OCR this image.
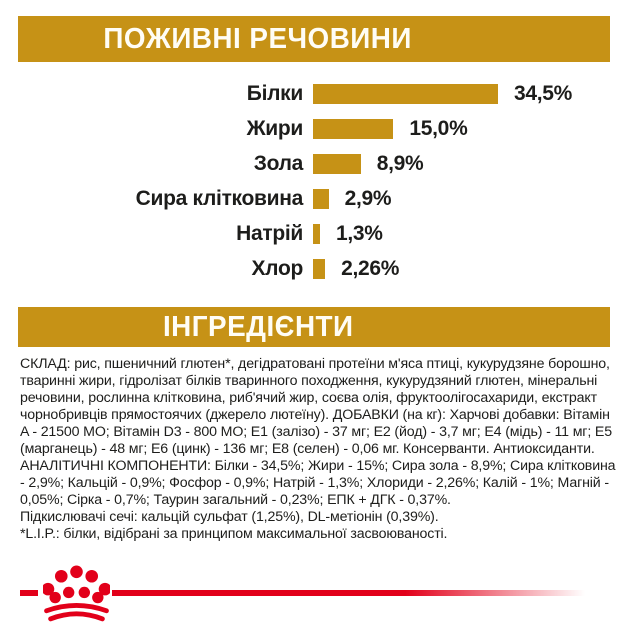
ПОЖИВНІ РЕЧОВИНИ
Білки	34,5%
Жири	15,0%
Зола	8,9%
Сира клітковина 2,9%
Натрій 1,3%
Хлор 2,26%
ІНГРЕДІЄНТИ

СКЛАД: рис, пшеничний глютен*, дегідратовані протеїни м'яса птиці, кукурудзяне борошно, тваринні жири, гідролізат білків тваринного походження, кукурудзяний глютен, мінеральні речовини, рослинна клітковина, риб'ячий жир, соєва олія, фруктоолігосахариди, екстракт чорнобривців прямостоячих (джерело лютеїну). ДОБАВКИ (на кг): Харчові добавки: Вітамін A - 21500 МО; Вітамін D3 - 800 МО; E1 (залізо) - 37 мг; E2 (йод) - 3,7 мг; E4 (мідь) - 11 мг; E5 (марганець) - 48 мг; E6 (цинк) - 136 мг; E8 (селен) - 0,06 мг. Консерванти. Антиоксиданти.

АНАЛІТИЧНІ КОМПОНЕНТИ: Білки - 34,5%; Жири - 15%; Сира зола - 8,9%; Сира клітковина - 2,9%; Кальцій - 0,9%; Фосфор - 0,9%; Натрій - 1,3%; Хлориди - 2,26%; Калій - 1%; Магній - 0,05%; Сірка - 0,7%; Таурин загальний - 0,23%; ЕПК + ДГК - 0,37%.

Підкислювачі сечі: кальцій сульфат (1,25%), DL-метіонін (0,39%).

*L.I.P.: білки, відібрані за принципом максимальної засвоюваності.
